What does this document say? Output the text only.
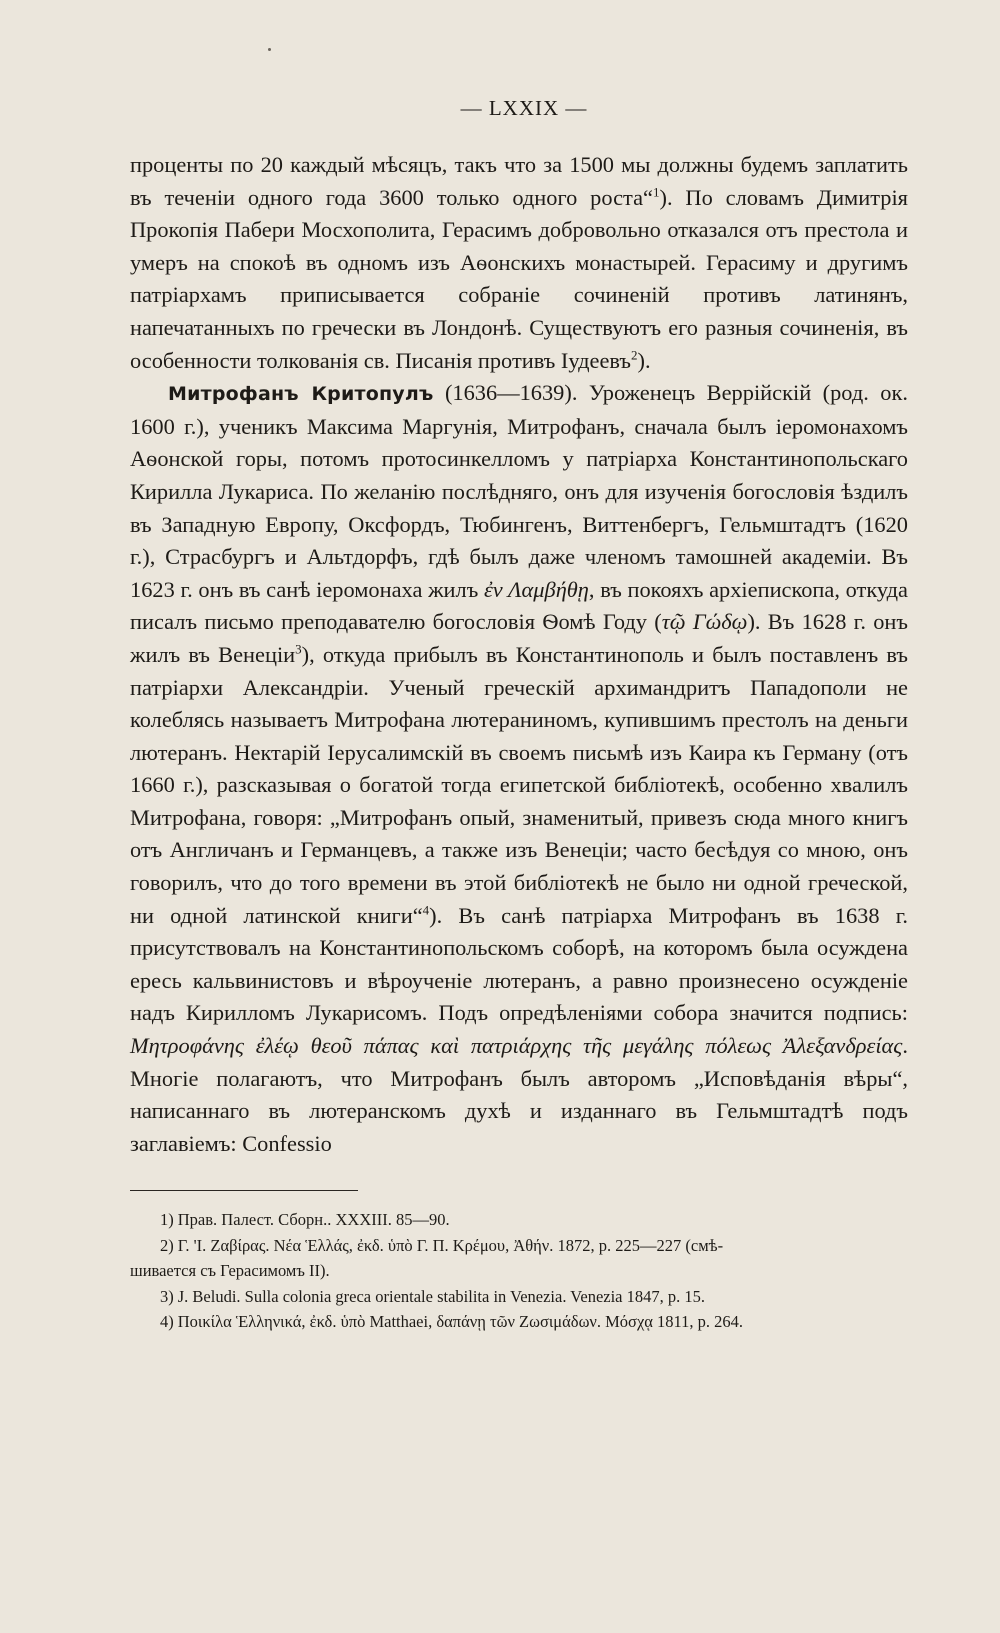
— LXXIX —

проценты по 20 каждый мѣсяцъ, такъ что за 1500 мы должны будемъ заплатить въ теченіи одного года 3600 только одного роста“$^1$). По словамъ Димитрія Прокопія Пабери Мосхополита, Герасимъ добровольно отказался отъ престола и умеръ на спокоѣ въ одномъ изъ Аѳонскихъ монастырей. Герасиму и другимъ патріархамъ приписывается собраніе сочиненій противъ латинянъ, напечатанныхъ по гречески въ Лондонѣ. Существуютъ его разныя сочиненія, въ особенности толкованія св. Писанія противъ Іудеевъ$^2$).

Митрофанъ Критопулъ (1636—1639). Уроженецъ Веррійскій (род. ок. 1600 г.), ученикъ Максима Маргунія, Митрофанъ, сначала былъ іеромонахомъ Аѳонской горы, потомъ протосинкелломъ у патріарха Константинопольскаго Кирилла Лукариса. По желанію послѣдняго, онъ для изученія богословія ѣздилъ въ Западную Европу, Оксфордъ, Тюбингенъ, Виттенбергъ, Гельмштадтъ (1620 г.), Страсбургъ и Альтдорфъ, гдѣ былъ даже членомъ тамошней академіи. Въ 1623 г. онъ въ санѣ іеромонаха жилъ ἐν Λαμβήθῃ, въ покояхъ архіепископа, откуда писалъ письмо преподавателю богословія Ѳомѣ Году (τῷ Γώδῳ). Въ 1628 г. онъ жилъ въ Венеціи$^3$), откуда прибылъ въ Константинополь и былъ поставленъ въ патріархи Александріи. Ученый греческій архимандритъ Пападополи не колеблясь называетъ Митрофана лютераниномъ, купившимъ престолъ на деньги лютеранъ. Нектарій Іерусалимскій въ своемъ письмѣ изъ Каира къ Герману (отъ 1660 г.), разсказывая о богатой тогда египетской библіотекѣ, особенно хвалилъ Митрофана, говоря: „Митрофанъ опый, знаменитый, привезъ сюда много книгъ отъ Англичанъ и Германцевъ, а также изъ Венеціи; часто бесѣдуя со мною, онъ говорилъ, что до того времени въ этой библіотекѣ не было ни одной греческой, ни одной латинской книги“$^4$). Въ санѣ патріарха Митрофанъ въ 1638 г. присутствовалъ на Константинопольскомъ соборѣ, на которомъ была осуждена ересь кальвинистовъ и вѣроученіе лютеранъ, а равно произнесено осужденіе надъ Кирилломъ Лукарисомъ. Подъ опредѣленіями собора значится подпись: Μητροφάνης ἐλέῳ θεοῦ πάπας καὶ πατριάρχης τῆς μεγάλης πόλεως Ἀλεξανδρείας. Многіе полагаютъ, что Митрофанъ былъ авторомъ „Исповѣданія вѣры“, написаннаго въ лютеранскомъ духѣ и изданнаго въ Гельмштадтѣ подъ заглавіемъ: Confessio

1) Прав. Палест. Сборн.. XXXIII. 85—90.
2) Г. 'І. Ζαβίρας. Νέα Ἑλλάς, ἐκδ. ὑπὸ Γ. Π. Κρέμου, Ἀθήν. 1872, p. 225—227 (смѣ-
шивается съ Герасимомъ II).
3) J. Beludi. Sulla colonia greca orientale stabilita in Venezia. Venezia 1847, p. 15.
4) Ποικίλα Ἑλληνικά, ἐκδ. ὑπὸ Matthaei, δαπάνῃ τῶν Ζωσιμάδων. Μόσχᾳ 1811, p. 264.
